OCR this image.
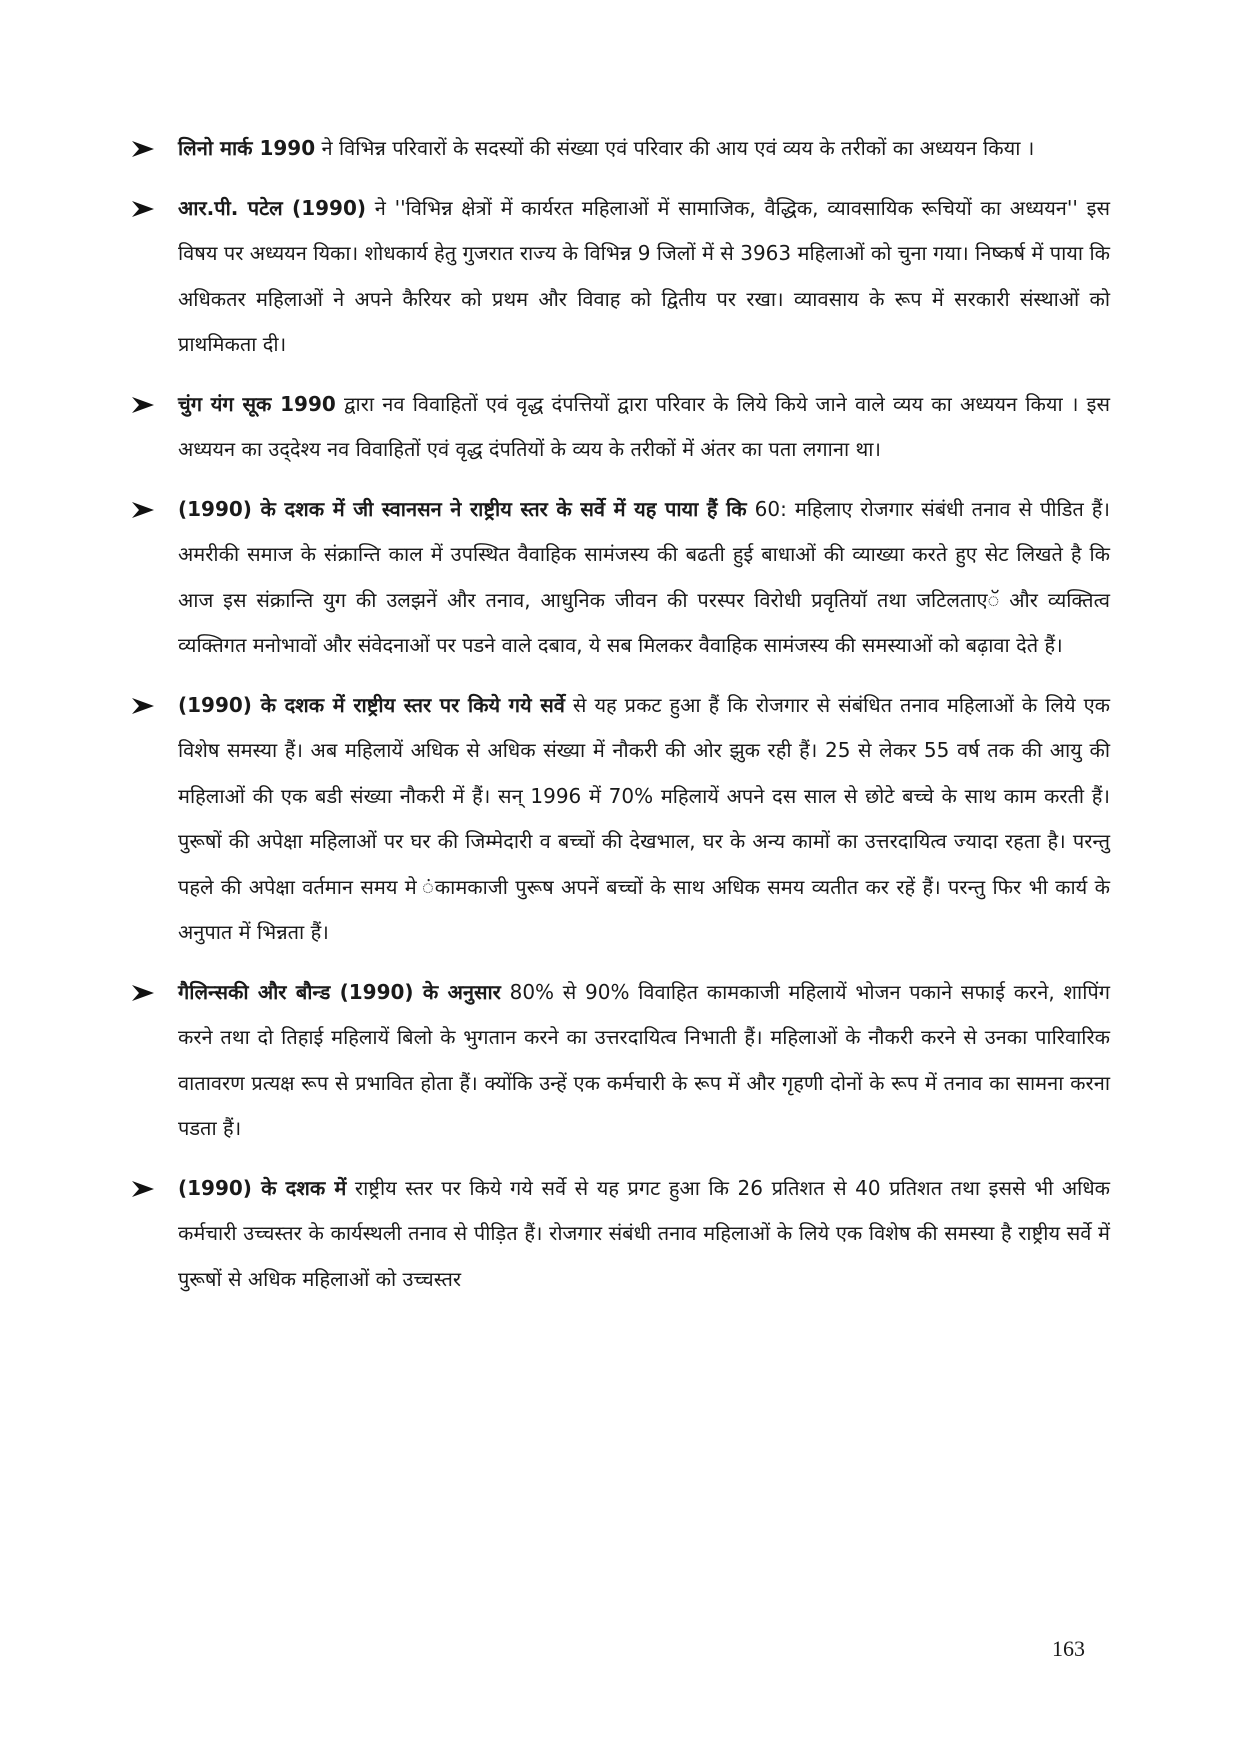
लिनो मार्क 1990 ने विभिन्न परिवारों के सदस्यों की संख्या एवं परिवार की आय एवं व्यय के तरीकों का अध्ययन किया ।
आर.पी. पटेल (1990) ने ''विभिन्न क्षेत्रों में कार्यरत महिलाओं में सामाजिक, वैद्धिक, व्यावसायिक रूचियों का अध्ययन'' इस विषय पर अध्ययन यिका। शोधकार्य हेतु गुजरात राज्य के विभिन्न 9 जिलों में से 3963 महिलाओं को चुना गया। निष्कर्ष में पाया कि अधिकतर महिलाओं ने अपने कैरियर को प्रथम और विवाह को द्वितीय पर रखा। व्यावसाय के रूप में सरकारी संस्थाओं को प्राथमिकता दी।
चुंग यंग सूक 1990 द्वारा नव विवाहितों एवं वृद्ध दंपत्तियों द्वारा परिवार के लिये किये जाने वाले व्यय का अध्ययन किया । इस अध्ययन का उद्‌देश्य नव विवाहितों एवं वृद्ध दंपतियों के व्यय के तरीकों में अंतर का पता लगाना था।
(1990) के दशक में जी स्वानसन ने राष्ट्रीय स्तर के सर्वे में यह पाया हैं कि 60: महिलाए रोजगार संबंधी तनाव से पीडित हैं। अमरीकी समाज के संक्रान्ति काल में उपस्थित वैवाहिक सामंजस्य की बढती हुई बाधाओं की व्याख्या करते हुए सेट लिखते है कि आज इस संक्रान्ति युग की उलझनें और तनाव, आधुनिक जीवन की परस्पर विरोधी प्रवृतियॉ तथा जटिलताएॅ और व्यक्तित्व व्यक्तिगत मनोभावों और संवेदनाओं पर पडने वाले दबाव, ये सब मिलकर वैवाहिक सामंजस्य की समस्याओं को बढ़ावा देते हैं।
(1990) के दशक में राष्ट्रीय स्तर पर किये गये सर्वे से यह प्रकट हुआ हैं कि रोजगार से संबंधित तनाव महिलाओं के लिये एक विशेष समस्या हैं। अब महिलायें अधिक से अधिक संख्या में नौकरी की ओर झुक रही हैं। 25 से लेकर 55 वर्ष तक की आयु की महिलाओं की एक बडी संख्या नौकरी में हैं। सन् 1996 में 70% महिलायें अपने दस साल से छोटे बच्चे के साथ काम करती हैं। पुरूषों की अपेक्षा महिलाओं पर घर की जिम्मेदारी व बच्चों की देखभाल, घर के अन्य कामों का उत्तरदायित्व ज्यादा रहता है। परन्तु पहले की अपेक्षा वर्तमान समय मे ंकामकाजी पुरूष अपनें बच्चों के साथ अधिक समय व्यतीत कर रहें हैं। परन्तु फिर भी कार्य के अनुपात में भिन्नता हैं।
गैलिन्सकी और बौन्ड (1990) के अनुसार 80% से 90% विवाहित कामकाजी महिलायें भोजन पकाने सफाई करने, शापिंग करने तथा दो तिहाई महिलायें बिलो के भुगतान करने का उत्तरदायित्व निभाती हैं। महिलाओं के नौकरी करने से उनका पारिवारिक वातावरण प्रत्यक्ष रूप से प्रभावित होता हैं। क्योंकि उन्हें एक कर्मचारी के रूप में और गृहणी दोनों के रूप में तनाव का सामना करना पडता हैं।
(1990) के दशक में राष्ट्रीय स्तर पर किये गये सर्वे से यह प्रगट हुआ कि 26 प्रतिशत से 40 प्रतिशत तथा इससे भी अधिक कर्मचारी उच्चस्तर के कार्यस्थली तनाव से पीड़ित हैं। रोजगार संबंधी तनाव महिलाओं के लिये एक विशेष की समस्या है राष्ट्रीय सर्वे में पुरूषों से अधिक महिलाओं को उच्चस्तर
163
